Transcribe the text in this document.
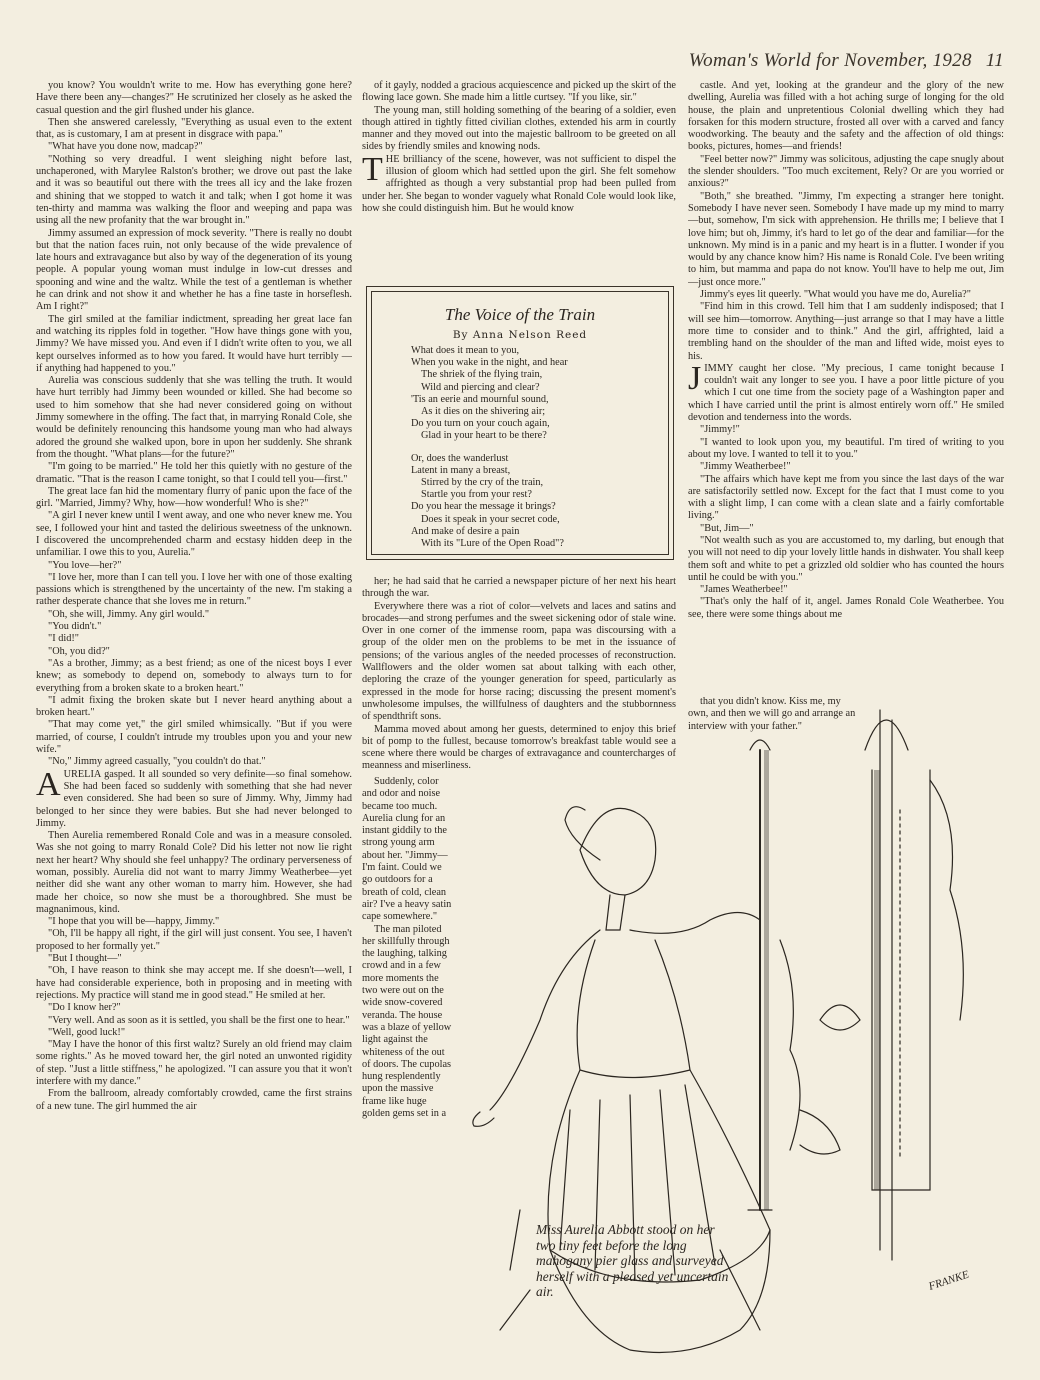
Woman's World for November, 1928 11

you know? You wouldn't write to me. How has everything gone here? Have there been any—changes?" He scrutinized her closely as he asked the casual question and the girl flushed under his glance.

Then she answered carelessly, "Everything as usual even to the extent that, as is customary, I am at present in disgrace with papa."

"What have you done now, madcap?"

"Nothing so very dreadful. I went sleighing night before last, unchaperoned, with Marylee Ralston's brother; we drove out past the lake and it was so beautiful out there with the trees all icy and the lake frozen and shining that we stopped to watch it and talk; when I got home it was ten-thirty and mamma was walking the floor and weeping and papa was using all the new profanity that the war brought in."

Jimmy assumed an expression of mock severity. "There is really no doubt but that the nation faces ruin, not only because of the wide prevalence of late hours and extravagance but also by way of the degeneration of its young people. A popular young woman must indulge in low-cut dresses and spooning and wine and the waltz. While the test of a gentleman is whether he can drink and not show it and whether he has a fine taste in horseflesh. Am I right?"

The girl smiled at the familiar indictment, spreading her great lace fan and watching its ripples fold in together. "How have things gone with you, Jimmy? We have missed you. And even if I didn't write often to you, we all kept ourselves informed as to how you fared. It would have hurt terribly — if anything had happened to you."

Aurelia was conscious suddenly that she was telling the truth. It would have hurt terribly had Jimmy been wounded or killed. She had become so used to him somehow that she had never considered going on without Jimmy somewhere in the offing. The fact that, in marrying Ronald Cole, she would be definitely renouncing this handsome young man who had always adored the ground she walked upon, bore in upon her suddenly. She shrank from the thought. "What plans—for the future?"

"I'm going to be married." He told her this quietly with no gesture of the dramatic. "That is the reason I came tonight, so that I could tell you—first."

The great lace fan hid the momentary flurry of panic upon the face of the girl. "Married, Jimmy? Why, how—how wonderful! Who is she?"

"A girl I never knew until I went away, and one who never knew me. You see, I followed your hint and tasted the delirious sweetness of the unknown. I discovered the uncomprehended charm and ecstasy hidden deep in the unfamiliar. I owe this to you, Aurelia."

"You love—her?"

"I love her, more than I can tell you. I love her with one of those exalting passions which is strengthened by the uncertainty of the new. I'm staking a rather desperate chance that she loves me in return."

"Oh, she will, Jimmy. Any girl would."

"You didn't."

"I did!"

"Oh, you did?"

"As a brother, Jimmy; as a best friend; as one of the nicest boys I ever knew; as somebody to depend on, somebody to always turn to for everything from a broken skate to a broken heart."

"I admit fixing the broken skate but I never heard anything about a broken heart."

"That may come yet," the girl smiled whimsically. "But if you were married, of course, I couldn't intrude my troubles upon you and your new wife."

"No," Jimmy agreed casually, "you couldn't do that."

AURELIA gasped. It all sounded so very definite—so final somehow. She had been faced so suddenly with something that she had never even considered. She had been so sure of Jimmy. Why, Jimmy had belonged to her since they were babies. But she had never belonged to Jimmy.

Then Aurelia remembered Ronald Cole and was in a measure consoled. Was she not going to marry Ronald Cole? Did his letter not now lie right next her heart? Why should she feel unhappy? The ordinary perverseness of woman, possibly. Aurelia did not want to marry Jimmy Weatherbee—yet neither did she want any other woman to marry him. However, she had made her choice, so now she must be a thoroughbred. She must be magnanimous, kind.

"I hope that you will be—happy, Jimmy."

"Oh, I'll be happy all right, if the girl will just consent. You see, I haven't proposed to her formally yet."

"But I thought—"

"Oh, I have reason to think she may accept me. If she doesn't—well, I have had considerable experience, both in proposing and in meeting with rejections. My practice will stand me in good stead." He smiled at her.

"Do I know her?"

"Very well. And as soon as it is settled, you shall be the first one to hear."

"Well, good luck!"

"May I have the honor of this first waltz? Surely an old friend may claim some rights." As he moved toward her, the girl noted an unwonted rigidity of step. "Just a little stiffness," he apologized. "I can assure you that it won't interfere with my dance."

From the ballroom, already comfortably crowded, came the first strains of a new tune. The girl hummed the air

of it gayly, nodded a gracious acquiescence and picked up the skirt of the flowing lace gown. She made him a little curtsey. "If you like, sir."

The young man, still holding something of the bearing of a soldier, even though attired in tightly fitted civilian clothes, extended his arm in courtly manner and they moved out into the majestic ballroom to be greeted on all sides by friendly smiles and knowing nods.

THE brilliancy of the scene, however, was not sufficient to dispel the illusion of gloom which had settled upon the girl. She felt somehow affrighted as though a very substantial prop had been pulled from under her. She began to wonder vaguely what Ronald Cole would look like, how she could distinguish him. But he would know

The Voice of the Train
By Anna Nelson Reed
What does it mean to you,
When you wake in the night, and hear
The shriek of the flying train,
Wild and piercing and clear?
'Tis an eerie and mournful sound,
As it dies on the shivering air;
Do you turn on your couch again,
Glad in your heart to be there?
Or, does the wanderlust
Latent in many a breast,
Stirred by the cry of the train,
Startle you from your rest?
Do you hear the message it brings?
Does it speak in your secret code,
And make of desire a pain
With its "Lure of the Open Road"?

her; he had said that he carried a newspaper picture of her next his heart through the war.

Everywhere there was a riot of color—velvets and laces and satins and brocades—and strong perfumes and the sweet sickening odor of stale wine. Over in one corner of the immense room, papa was discoursing with a group of the older men on the problems to be met in the issuance of pensions; of the various angles of the needed processes of reconstruction. Wallflowers and the older women sat about talking with each other, deploring the craze of the younger generation for speed, particularly as expressed in the mode for horse racing; discussing the present moment's unwholesome impulses, the willfulness of daughters and the stubbornness of spendthrift sons.

Mamma moved about among her guests, determined to enjoy this brief bit of pomp to the fullest, because tomorrow's breakfast table would see a scene where there would be charges of extravagance and countercharges of meanness and miserliness.

Suddenly, color and odor and noise became too much. Aurelia clung for an instant giddily to the strong young arm about her. "Jimmy—I'm faint. Could we go outdoors for a breath of cold, clean air? I've a heavy satin cape somewhere."

The man piloted her skillfully through the laughing, talking crowd and in a few more moments the two were out on the wide snow-covered veranda. The house was a blaze of yellow light against the whiteness of the out of doors. The cupolas hung resplendently upon the massive frame like huge golden gems set in a

castle. And yet, looking at the grandeur and the glory of the new dwelling, Aurelia was filled with a hot aching surge of longing for the old house, the plain and unpretentious Colonial dwelling which they had forsaken for this modern structure, frosted all over with a carved and fancy woodworking. The beauty and the safety and the affection of old things: books, pictures, homes—and friends!

"Feel better now?" Jimmy was solicitous, adjusting the cape snugly about the slender shoulders. "Too much excitement, Rely? Or are you worried or anxious?"

"Both," she breathed. "Jimmy, I'm expecting a stranger here tonight. Somebody I have never seen. Somebody I have made up my mind to marry—but, somehow, I'm sick with apprehension. He thrills me; I believe that I love him; but oh, Jimmy, it's hard to let go of the dear and familiar—for the unknown. My mind is in a panic and my heart is in a flutter. I wonder if you would by any chance know him? His name is Ronald Cole. I've been writing to him, but mamma and papa do not know. You'll have to help me out, Jim—just once more."

Jimmy's eyes lit queerly. "What would you have me do, Aurelia?"

"Find him in this crowd. Tell him that I am suddenly indisposed; that I will see him—tomorrow. Anything—just arrange so that I may have a little more time to consider and to think." And the girl, affrighted, laid a trembling hand on the shoulder of the man and lifted wide, moist eyes to his.

JIMMY caught her close. "My precious, I came tonight because I couldn't wait any longer to see you. I have a poor little picture of you which I cut one time from the society page of a Washington paper and which I have carried until the print is almost entirely worn off." He smiled devotion and tenderness into the words.

"Jimmy!"

"I wanted to look upon you, my beautiful. I'm tired of writing to you about my love. I wanted to tell it to you."

"Jimmy Weatherbee!"

"The affairs which have kept me from you since the last days of the war are satisfactorily settled now. Except for the fact that I must come to you with a slight limp, I can come with a clean slate and a fairly comfortable living."

"But, Jim—"

"Not wealth such as you are accustomed to, my darling, but enough that you will not need to dip your lovely little hands in dishwater. You shall keep them soft and white to pet a grizzled old soldier who has counted the hours until he could be with you."

"James Weatherbee!"

"That's only the half of it, angel. James Ronald Cole Weatherbee. You see, there were some things about me

that you didn't know. Kiss me, my own, and then we will go and arrange an interview with your father."

FRANKE
Miss Aurelia Abbott stood on her two tiny feet before the long mahogany pier glass and surveyed herself with a pleased yet uncertain air.
